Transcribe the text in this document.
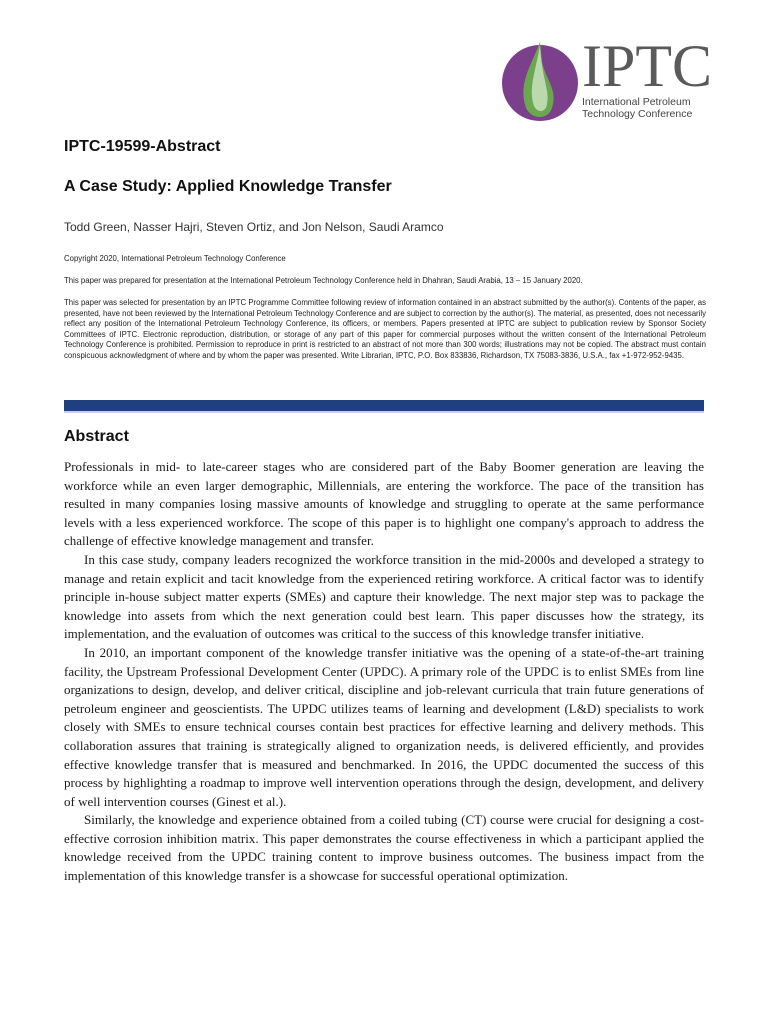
IPTC
International Petroleum
Technology Conference
IPTC-19599-Abstract
A Case Study: Applied Knowledge Transfer
Todd Green, Nasser Hajri, Steven Ortiz, and Jon Nelson, Saudi Aramco
Copyright 2020, International Petroleum Technology Conference
This paper was prepared for presentation at the International Petroleum Technology Conference held in Dhahran, Saudi Arabia, 13 – 15 January 2020.
This paper was selected for presentation by an IPTC Programme Committee following review of information contained in an abstract submitted by the author(s). Contents of the paper, as presented, have not been reviewed by the International Petroleum Technology Conference and are subject to correction by the author(s). The material, as presented, does not necessarily reflect any position of the International Petroleum Technology Conference, its officers, or members. Papers presented at IPTC are subject to publication review by Sponsor Society Committees of IPTC. Electronic reproduction, distribution, or storage of any part of this paper for commercial purposes without the written consent of the International Petroleum Technology Conference is prohibited. Permission to reproduce in print is restricted to an abstract of not more than 300 words; illustrations may not be copied. The abstract must contain conspicuous acknowledgment of where and by whom the paper was presented. Write Librarian, IPTC, P.O. Box 833836, Richardson, TX 75083-3836, U.S.A., fax +1-972-952-9435.
Abstract

Professionals in mid- to late-career stages who are considered part of the Baby Boomer generation are leaving the workforce while an even larger demographic, Millennials, are entering the workforce. The pace of the transition has resulted in many companies losing massive amounts of knowledge and struggling to operate at the same performance levels with a less experienced workforce. The scope of this paper is to highlight one company's approach to address the challenge of effective knowledge management and transfer.

In this case study, company leaders recognized the workforce transition in the mid-2000s and developed a strategy to manage and retain explicit and tacit knowledge from the experienced retiring workforce. A critical factor was to identify principle in-house subject matter experts (SMEs) and capture their knowledge. The next major step was to package the knowledge into assets from which the next generation could best learn. This paper discusses how the strategy, its implementation, and the evaluation of outcomes was critical to the success of this knowledge transfer initiative.

In 2010, an important component of the knowledge transfer initiative was the opening of a state-of-the-art training facility, the Upstream Professional Development Center (UPDC). A primary role of the UPDC is to enlist SMEs from line organizations to design, develop, and deliver critical, discipline and job-relevant curricula that train future generations of petroleum engineer and geoscientists. The UPDC utilizes teams of learning and development (L&D) specialists to work closely with SMEs to ensure technical courses contain best practices for effective learning and delivery methods. This collaboration assures that training is strategically aligned to organization needs, is delivered efficiently, and provides effective knowledge transfer that is measured and benchmarked. In 2016, the UPDC documented the success of this process by highlighting a roadmap to improve well intervention operations through the design, development, and delivery of well intervention courses (Ginest et al.).

Similarly, the knowledge and experience obtained from a coiled tubing (CT) course were crucial for designing a cost-effective corrosion inhibition matrix. This paper demonstrates the course effectiveness in which a participant applied the knowledge received from the UPDC training content to improve business outcomes. The business impact from the implementation of this knowledge transfer is a showcase for successful operational optimization.
